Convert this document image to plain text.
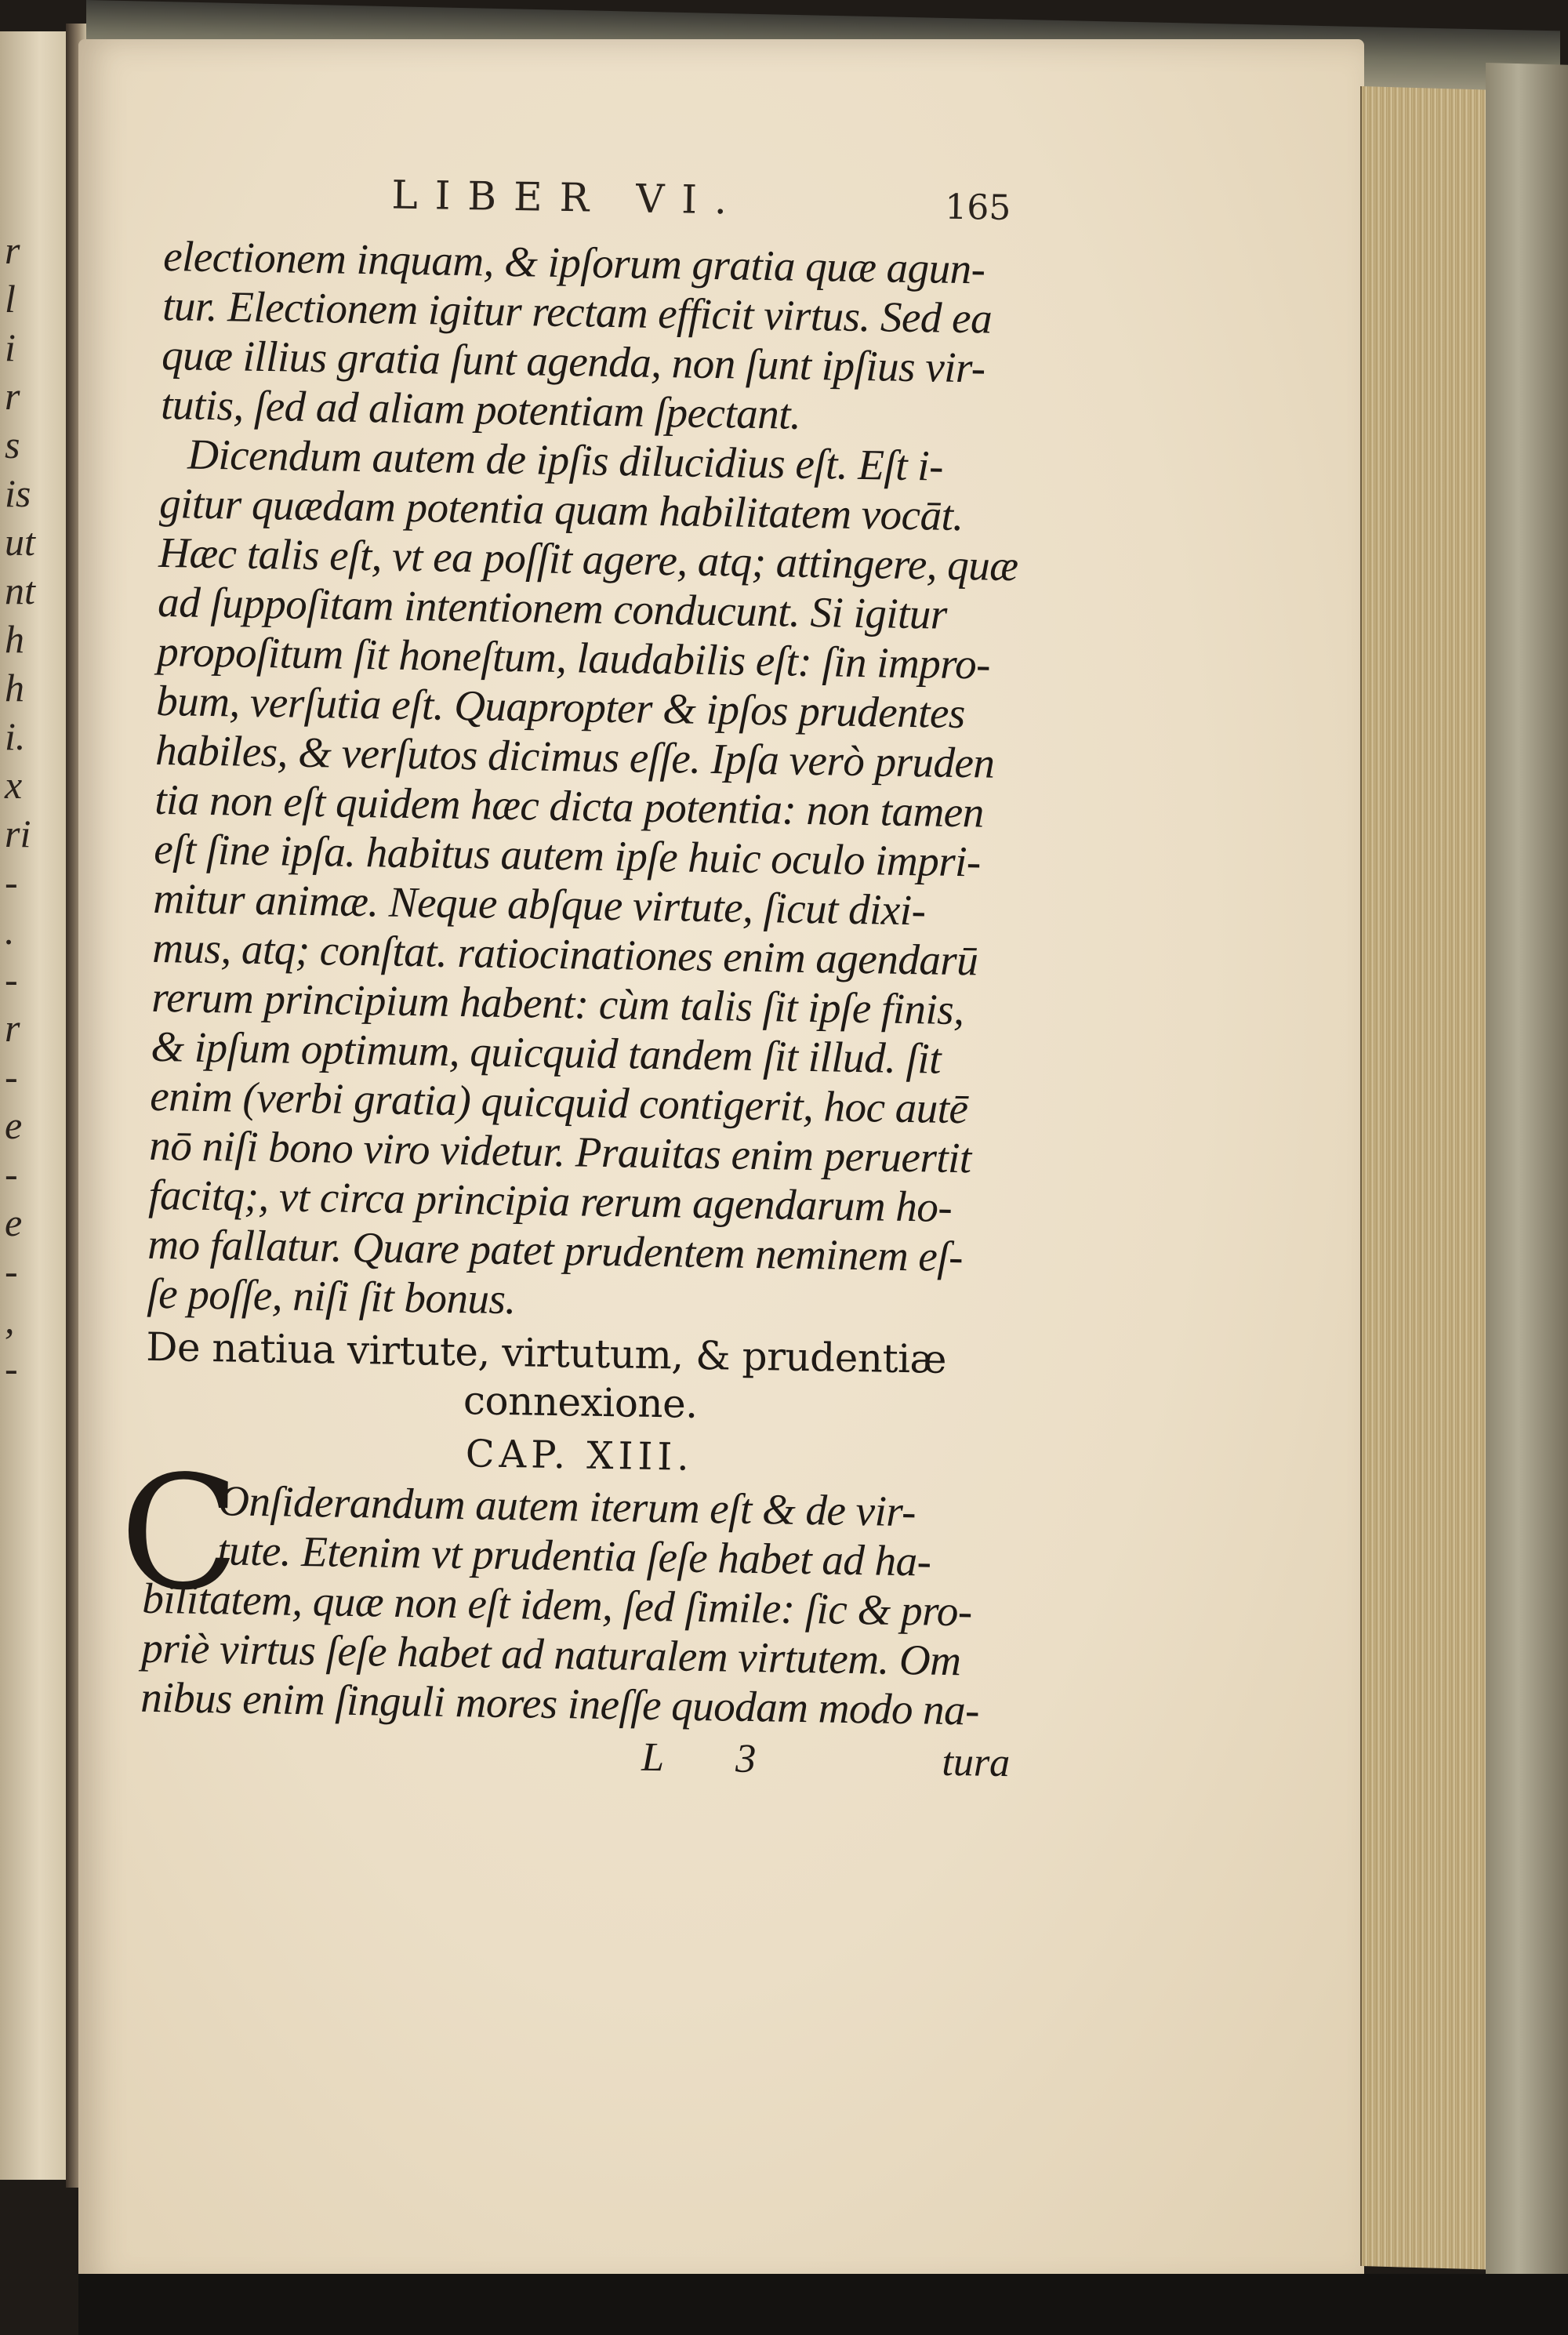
r
l
i
r
s
is
ut
nt
h
h
i.
x
ri
-
.
-
r
-
e
-
e
-
,
-
LIBER VI.	165

electionem inquam, & ipſorum gratia quæ agun-

tur. Electionem igitur rectam efficit virtus. Sed ea

quæ illius gratia ſunt agenda, non ſunt ipſius vir-

tutis, ſed ad aliam potentiam ſpectant.

Dicendum autem de ipſis dilucidius eſt. Eſt i-

gitur quædam potentia quam habilitatem vocāt.

Hæc talis eſt, vt ea poſſit agere, atq; attingere, quæ

ad ſuppoſitam intentionem conducunt. Si igitur

propoſitum ſit honeſtum, laudabilis eſt: ſin impro-

bum, verſutia eſt. Quapropter & ipſos prudentes

habiles, & verſutos dicimus eſſe. Ipſa verò pruden

tia non eſt quidem hæc dicta potentia: non tamen

eſt ſine ipſa. habitus autem ipſe huic oculo impri-

mitur animæ. Neque abſque virtute, ſicut dixi-

mus, atq; conſtat. ratiocinationes enim agendarū

rerum principium habent: cùm talis ſit ipſe finis,

& ipſum optimum, quicquid tandem ſit illud. ſit

enim (verbi gratia) quicquid contigerit, hoc autē

nō niſi bono viro videtur. Prauitas enim peruertit

facitq;, vt circa principia rerum agendarum ho-

mo fallatur. Quare patet prudentem neminem eſ-

ſe poſſe, niſi ſit bonus.

De natiua virtute, virtutum, & prudentiæ

connexione.

CAP. XIII.

C

Onſiderandum autem iterum eſt & de vir-

tute. Etenim vt prudentia ſeſe habet ad ha-

bilitatem, quæ non eſt idem, ſed ſimile: ſic & pro-

priè virtus ſeſe habet ad naturalem virtutem. Om

nibus enim ſinguli mores ineſſe quodam modo na-

L 3	tura
